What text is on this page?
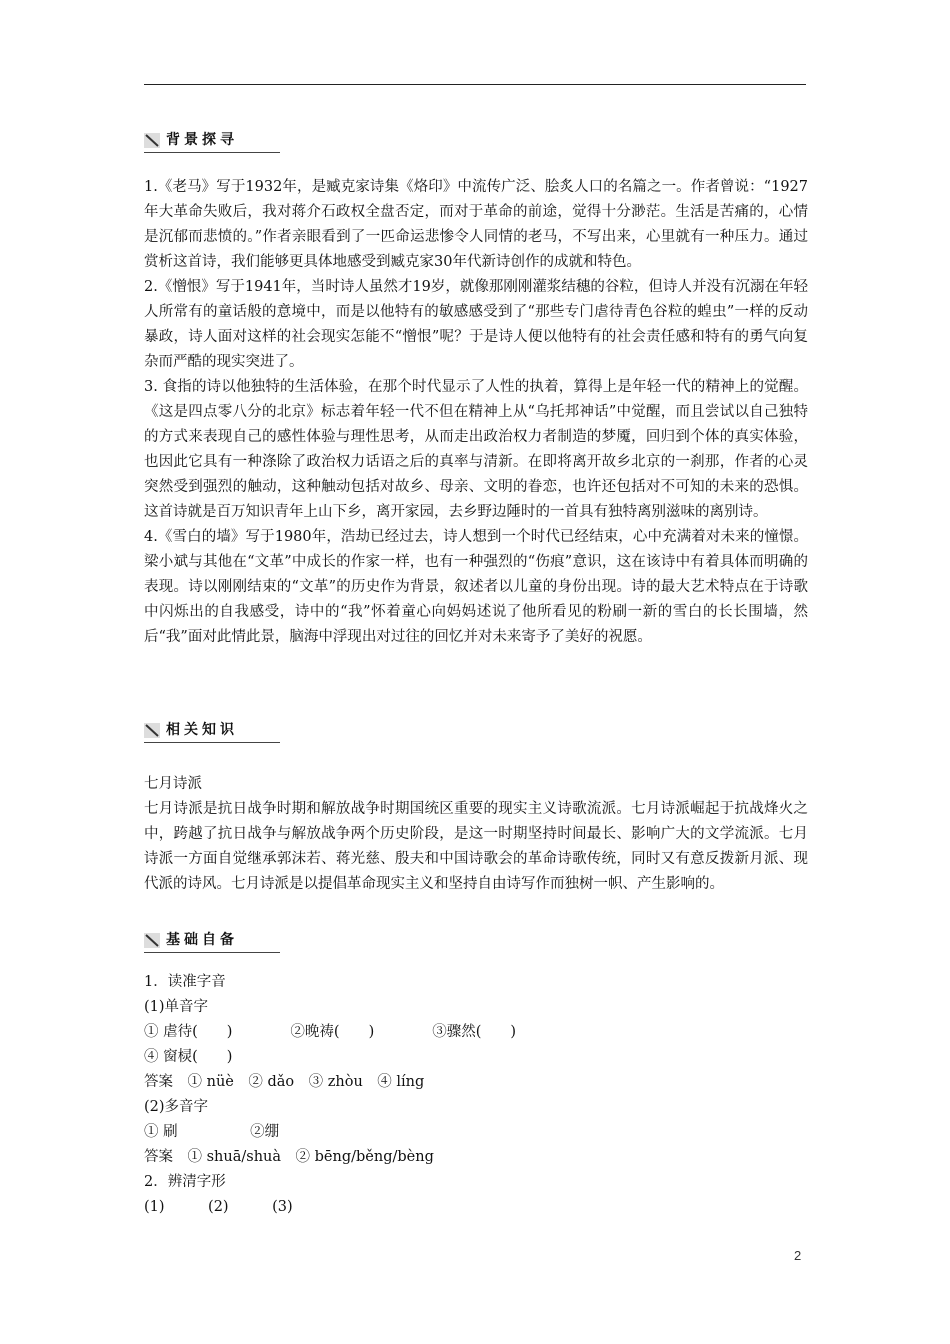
背景探寻

1.《老马》写于1932年，是臧克家诗集《烙印》中流传广泛、脍炙人口的名篇之一。作者曾说：“1927年大革命失败后，我对蒋介石政权全盘否定，而对于革命的前途，觉得十分渺茫。生活是苦痛的，心情是沉郁而悲愤的。”作者亲眼看到了一匹命运悲惨令人同情的老马，不写出来，心里就有一种压力。通过赏析这首诗，我们能够更具体地感受到臧克家30年代新诗创作的成就和特色。

2.《憎恨》写于1941年，当时诗人虽然才19岁，就像那刚刚灌浆结穗的谷粒，但诗人并没有沉溺在年轻人所常有的童话般的意境中，而是以他特有的敏感感受到了“那些专门虐待青色谷粒的蝗虫”一样的反动暴政，诗人面对这样的社会现实怎能不“憎恨”呢？于是诗人便以他特有的社会责任感和特有的勇气向复杂而严酷的现实突进了。

3. 食指的诗以他独特的生活体验，在那个时代显示了人性的执着，算得上是年轻一代的精神上的觉醒。《这是四点零八分的北京》标志着年轻一代不但在精神上从“乌托邦神话”中觉醒，而且尝试以自己独特的方式来表现自己的感性体验与理性思考，从而走出政治权力者制造的梦魇，回归到个体的真实体验，也因此它具有一种涤除了政治权力话语之后的真率与清新。在即将离开故乡北京的一刹那，作者的心灵突然受到强烈的触动，这种触动包括对故乡、母亲、文明的眷恋，也许还包括对不可知的未来的恐惧。这首诗就是百万知识青年上山下乡，离开家园，去乡野边陲时的一首具有独特离别滋味的离别诗。

4.《雪白的墙》写于1980年，浩劫已经过去，诗人想到一个时代已经结束，心中充满着对未来的憧憬。梁小斌与其他在“文革”中成长的作家一样，也有一种强烈的“伤痕”意识，这在该诗中有着具体而明确的表现。诗以刚刚结束的“文革”的历史作为背景，叙述者以儿童的身份出现。诗的最大艺术特点在于诗歌中闪烁出的自我感受，诗中的“我”怀着童心向妈妈述说了他所看见的粉刷一新的雪白的长长围墙，然后“我”面对此情此景，脑海中浮现出对过往的回忆并对未来寄予了美好的祝愿。

相关知识

七月诗派

七月诗派是抗日战争时期和解放战争时期国统区重要的现实主义诗歌流派。七月诗派崛起于抗战烽火之中，跨越了抗日战争与解放战争两个历史阶段，是这一时期坚持时间最长、影响广大的文学流派。七月诗派一方面自觉继承郭沫若、蒋光慈、殷夫和中国诗歌会的革命诗歌传统，同时又有意反拨新月派、现代派的诗风。七月诗派是以提倡革命现实主义和坚持自由诗写作而独树一帜、产生影响的。

基础自备
1．读准字音
(1)单音字
① 虐待(　　)　　　　②晚祷(　　)　　　　③骤然(　　)
④ 窗棂(　　)
答案　① nüè　② dǎo　③ zhòu　④ líng
(2)多音字
① 刷　　　　　②绷
答案　① shuā/shuà　② bēng/běng/bèng
2．辨清字形
(1)　　　(2)　　　(3)
2
